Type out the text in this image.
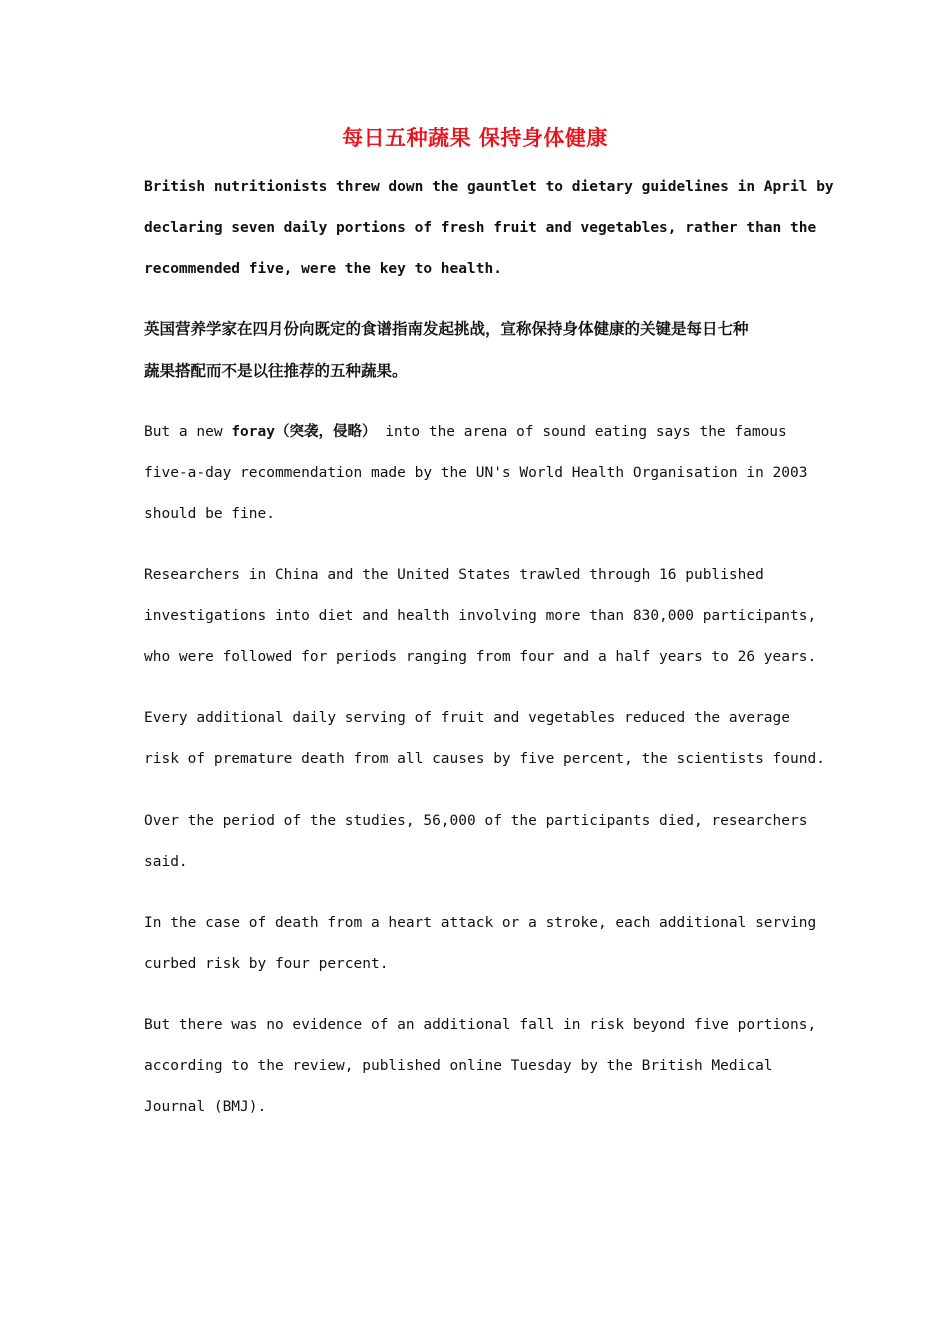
每日五种蔬果 保持身体健康
British nutritionists threw down the gauntlet to dietary guidelines in April by
declaring seven daily portions of fresh fruit and vegetables, rather than the
recommended five, were the key to health.
英国营养学家在四月份向既定的食谱指南发起挑战，宣称保持身体健康的关键是每日七种
蔬果搭配而不是以往推荐的五种蔬果。
But a new foray（突袭，侵略） into the arena of sound eating says the famous
five-a-day recommendation made by the UN's World Health Organisation in 2003
should be fine.
Researchers in China and the United States trawled through 16 published
investigations into diet and health involving more than 830,000 participants,
who were followed for periods ranging from four and a half years to 26 years.
Every additional daily serving of fruit and vegetables reduced the average
risk of premature death from all causes by five percent, the scientists found.
Over the period of the studies, 56,000 of the participants died, researchers
said.
In the case of death from a heart attack or a stroke, each additional serving
curbed risk by four percent.
But there was no evidence of an additional fall in risk beyond five portions,
according to the review, published online Tuesday by the British Medical
Journal (BMJ).
